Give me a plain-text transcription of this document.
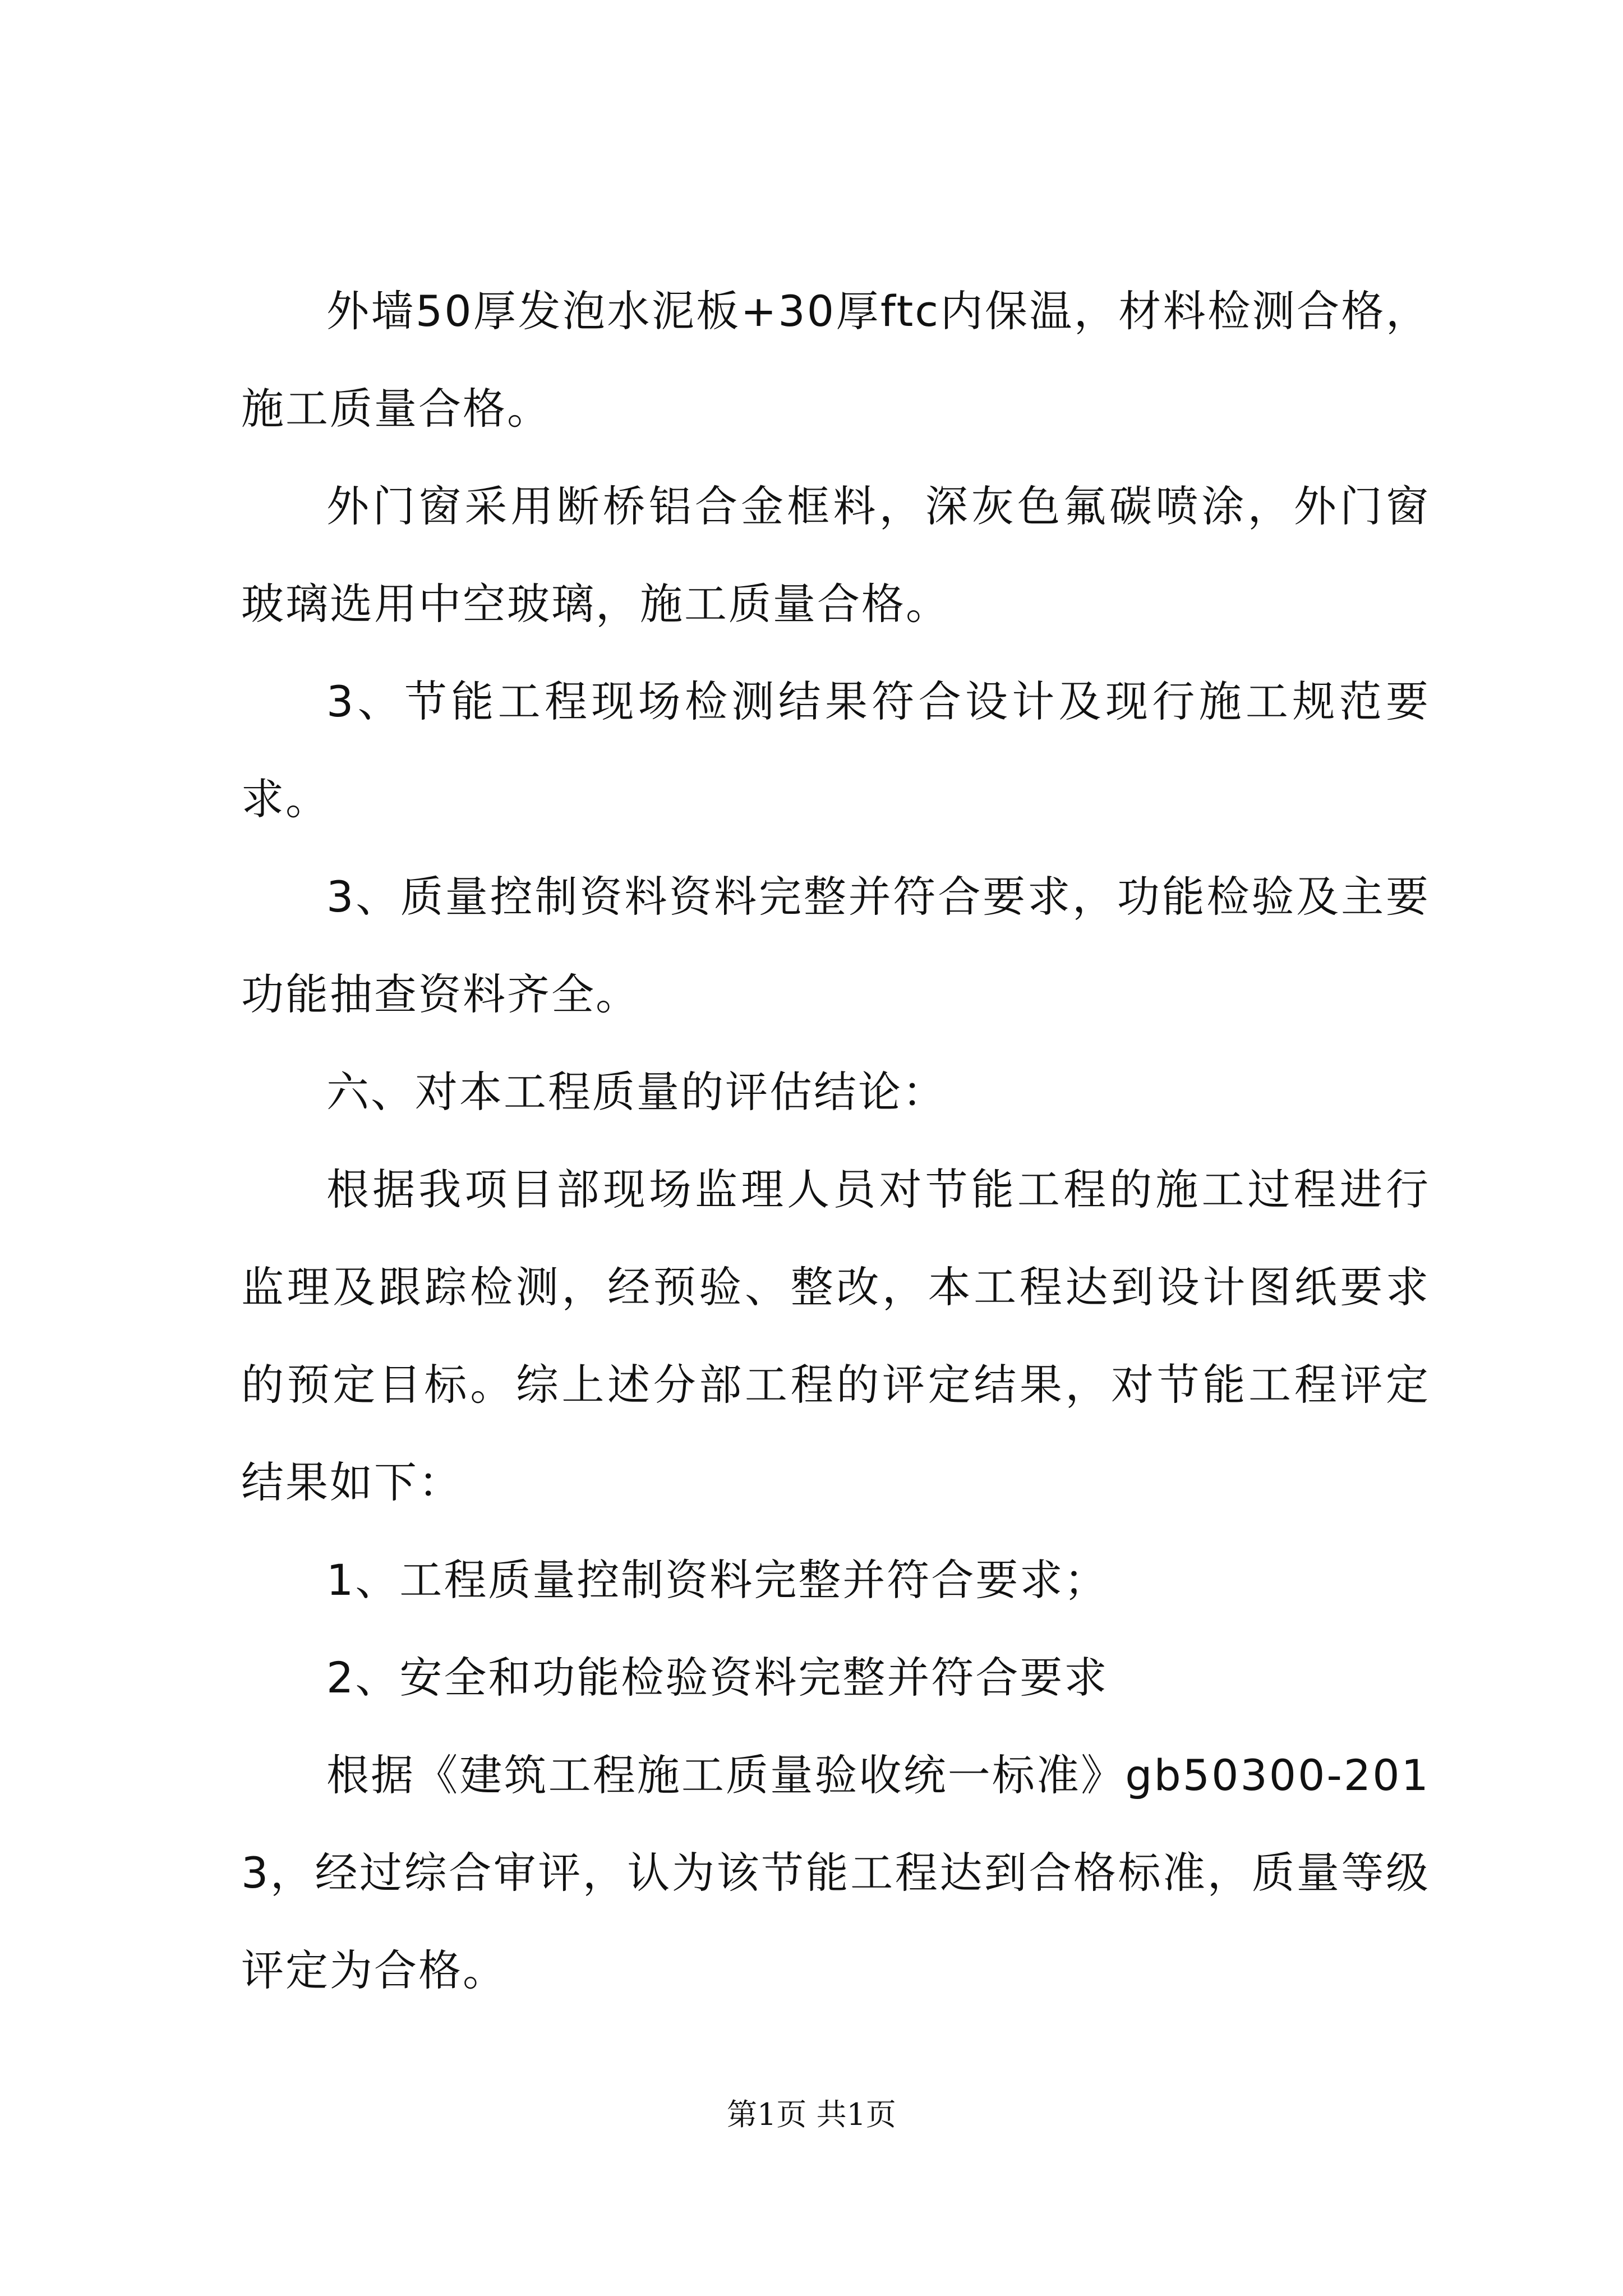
外墙50厚发泡水泥板+30厚ftc内保温，材料检测合格，施工质量合格。

外门窗采用断桥铝合金框料，深灰色氟碳喷涂，外门窗玻璃选用中空玻璃，施工质量合格。

3、节能工程现场检测结果符合设计及现行施工规范要求。

3、质量控制资料资料完整并符合要求，功能检验及主要功能抽查资料齐全。

六、对本工程质量的评估结论：

根据我项目部现场监理人员对节能工程的施工过程进行监理及跟踪检测，经预验、整改，本工程达到设计图纸要求的预定目标。综上述分部工程的评定结果，对节能工程评定结果如下：

1、工程质量控制资料完整并符合要求；

2、安全和功能检验资料完整并符合要求

根据《建筑工程施工质量验收统一标准》gb50300-2013，经过综合审评，认为该节能工程达到合格标准，质量等级评定为合格。

第1页 共1页
